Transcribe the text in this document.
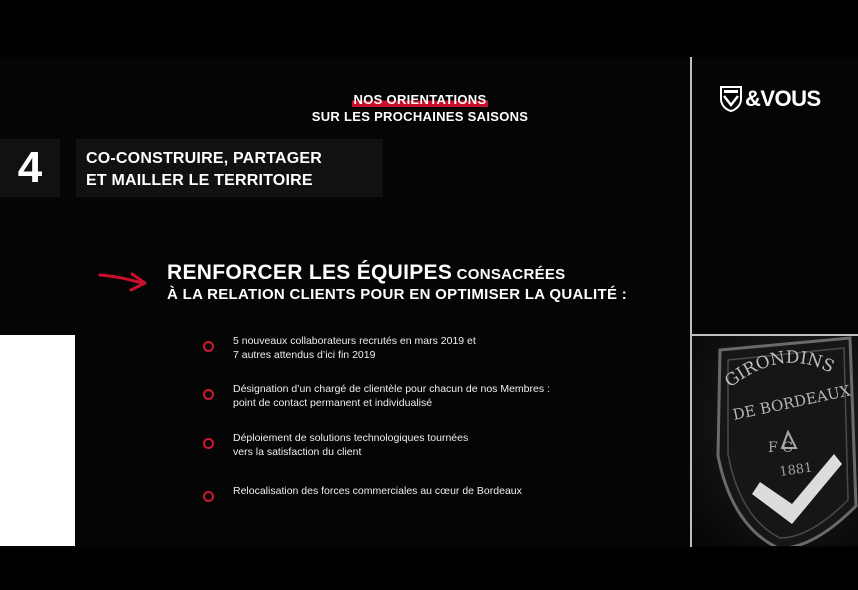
NOS ORIENTATIONS
SUR LES PROCHAINES SAISONS
4	CO-CONSTRUIRE, PARTAGER
ET MAILLER LE TERRITOIRE
RENFORCER LES ÉQUIPES CONSACRÉES
À LA RELATION CLIENTS POUR EN OPTIMISER LA QUALITÉ :
5 nouveaux collaborateurs recrutés en mars 2019 et
7 autres attendus d’ici fin 2019
Désignation d’un chargé de clientèle pour chacun de nos Membres :
point de contact permanent et individualisé
Déploiement de solutions technologiques tournées
vers la satisfaction du client
Relocalisation des forces commerciales au cœur de Bordeaux
&VOUS
GIRONDINS
DE BORDEAUX
F C
1881
